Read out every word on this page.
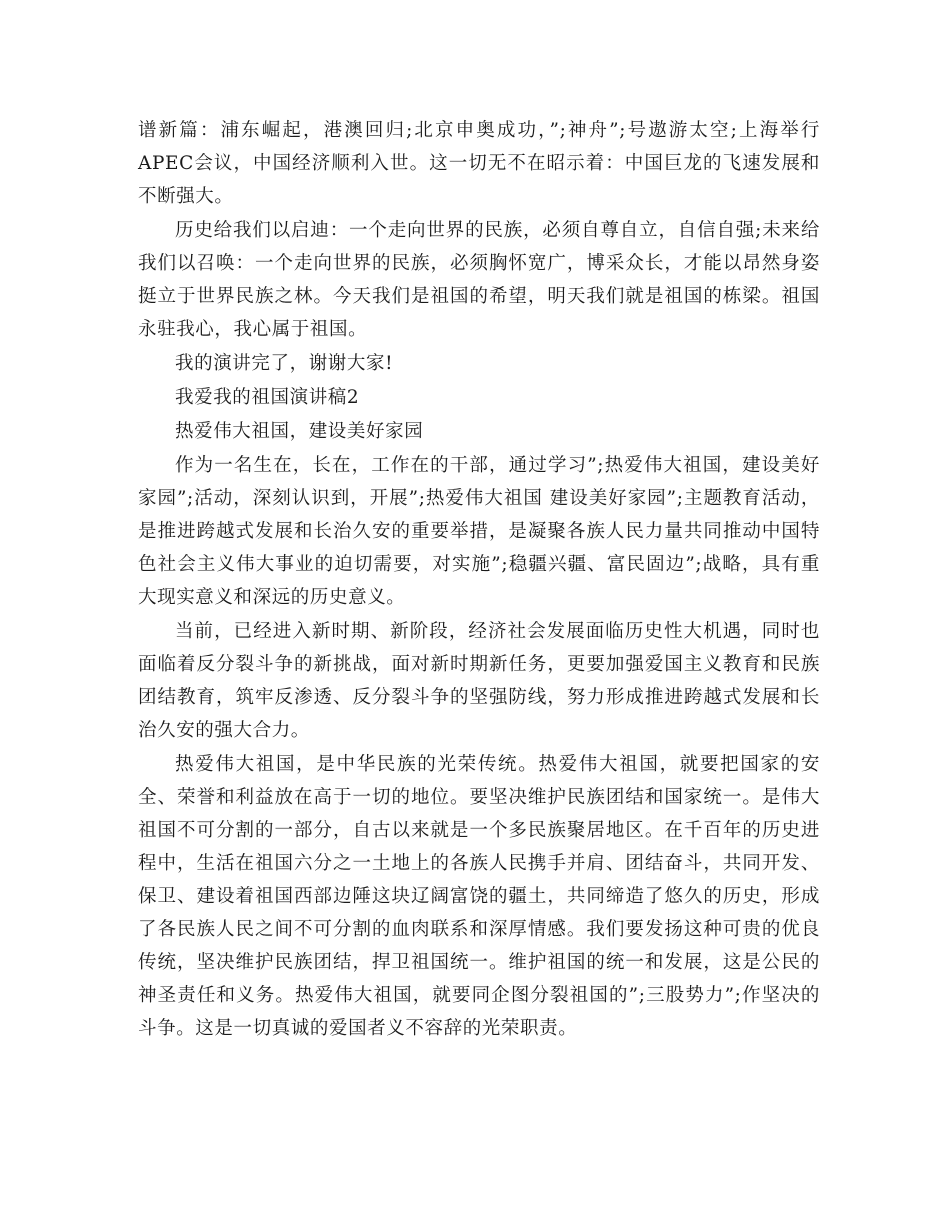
谱新篇：浦东崛起，港澳回归;北京申奥成功，”;神舟”;号遨游太空;上海举行APEC会议，中国经济顺利入世。这一切无不在昭示着：中国巨龙的飞速发展和不断强大。

历史给我们以启迪：一个走向世界的民族，必须自尊自立，自信自强;未来给我们以召唤：一个走向世界的民族，必须胸怀宽广，博采众长，才能以昂然身姿挺立于世界民族之林。今天我们是祖国的希望，明天我们就是祖国的栋梁。祖国永驻我心，我心属于祖国。

我的演讲完了，谢谢大家!

我爱我的祖国演讲稿2

热爱伟大祖国，建设美好家园

作为一名生在，长在，工作在的干部，通过学习”;热爱伟大祖国，建设美好家园”;活动，深刻认识到，开展”;热爱伟大祖国 建设美好家园”;主题教育活动，是推进跨越式发展和长治久安的重要举措，是凝聚各族人民力量共同推动中国特色社会主义伟大事业的迫切需要，对实施”;稳疆兴疆、富民固边”;战略，具有重大现实意义和深远的历史意义。

当前，已经进入新时期、新阶段，经济社会发展面临历史性大机遇，同时也面临着反分裂斗争的新挑战，面对新时期新任务，更要加强爱国主义教育和民族团结教育，筑牢反渗透、反分裂斗争的坚强防线，努力形成推进跨越式发展和长治久安的强大合力。

热爱伟大祖国，是中华民族的光荣传统。热爱伟大祖国，就要把国家的安全、荣誉和利益放在高于一切的地位。要坚决维护民族团结和国家统一。是伟大祖国不可分割的一部分，自古以来就是一个多民族聚居地区。在千百年的历史进程中，生活在祖国六分之一土地上的各族人民携手并肩、团结奋斗，共同开发、保卫、建设着祖国西部边陲这块辽阔富饶的疆土，共同缔造了悠久的历史，形成了各民族人民之间不可分割的血肉联系和深厚情感。我们要发扬这种可贵的优良传统，坚决维护民族团结，捍卫祖国统一。维护祖国的统一和发展，这是公民的神圣责任和义务。热爱伟大祖国，就要同企图分裂祖国的”;三股势力”;作坚决的斗争。这是一切真诚的爱国者义不容辞的光荣职责。
